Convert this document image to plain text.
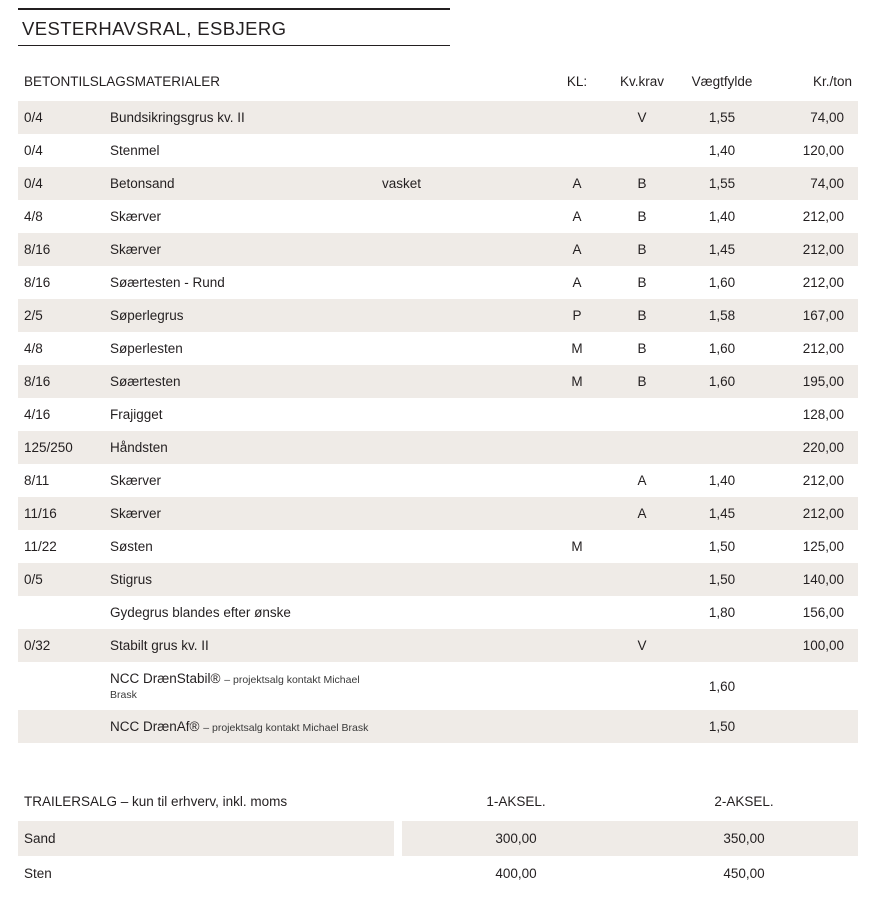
VESTERHAVSRAL, ESBJERG
BETONTILSLAGSMATERIALER			KL:	Kv.krav	Vægtfylde	Kr./ton
0/4	Bundsikringsgrus kv. II			V	1,55	74,00
0/4	Stenmel				1,40	120,00
0/4	Betonsand	vasket	A	B	1,55	74,00
4/8	Skærver		A	B	1,40	212,00
8/16	Skærver		A	B	1,45	212,00
8/16	Søærtesten - Rund		A	B	1,60	212,00
2/5	Søperlegrus		P	B	1,58	167,00
4/8	Søperlesten		M	B	1,60	212,00
8/16	Søærtesten		M	B	1,60	195,00
4/16	Frajigget					128,00
125/250	Håndsten					220,00
8/11	Skærver			A	1,40	212,00
11/16	Skærver			A	1,45	212,00
11/22	Søsten		M		1,50	125,00
0/5	Stigrus				1,50	140,00
	Gydegrus blandes efter ønske				1,80	156,00
0/32	Stabilt grus kv. II			V		100,00
	NCC DrænStabil® – projektsalg kontakt Michael Brask				1,60	
	NCC DrænAf® – projektsalg kontakt Michael Brask				1,50	
TRAILERSALG – kun til erhverv, inkl. moms		1-AKSEL.	2-AKSEL.
Sand		300,00	350,00
Sten		400,00	450,00
